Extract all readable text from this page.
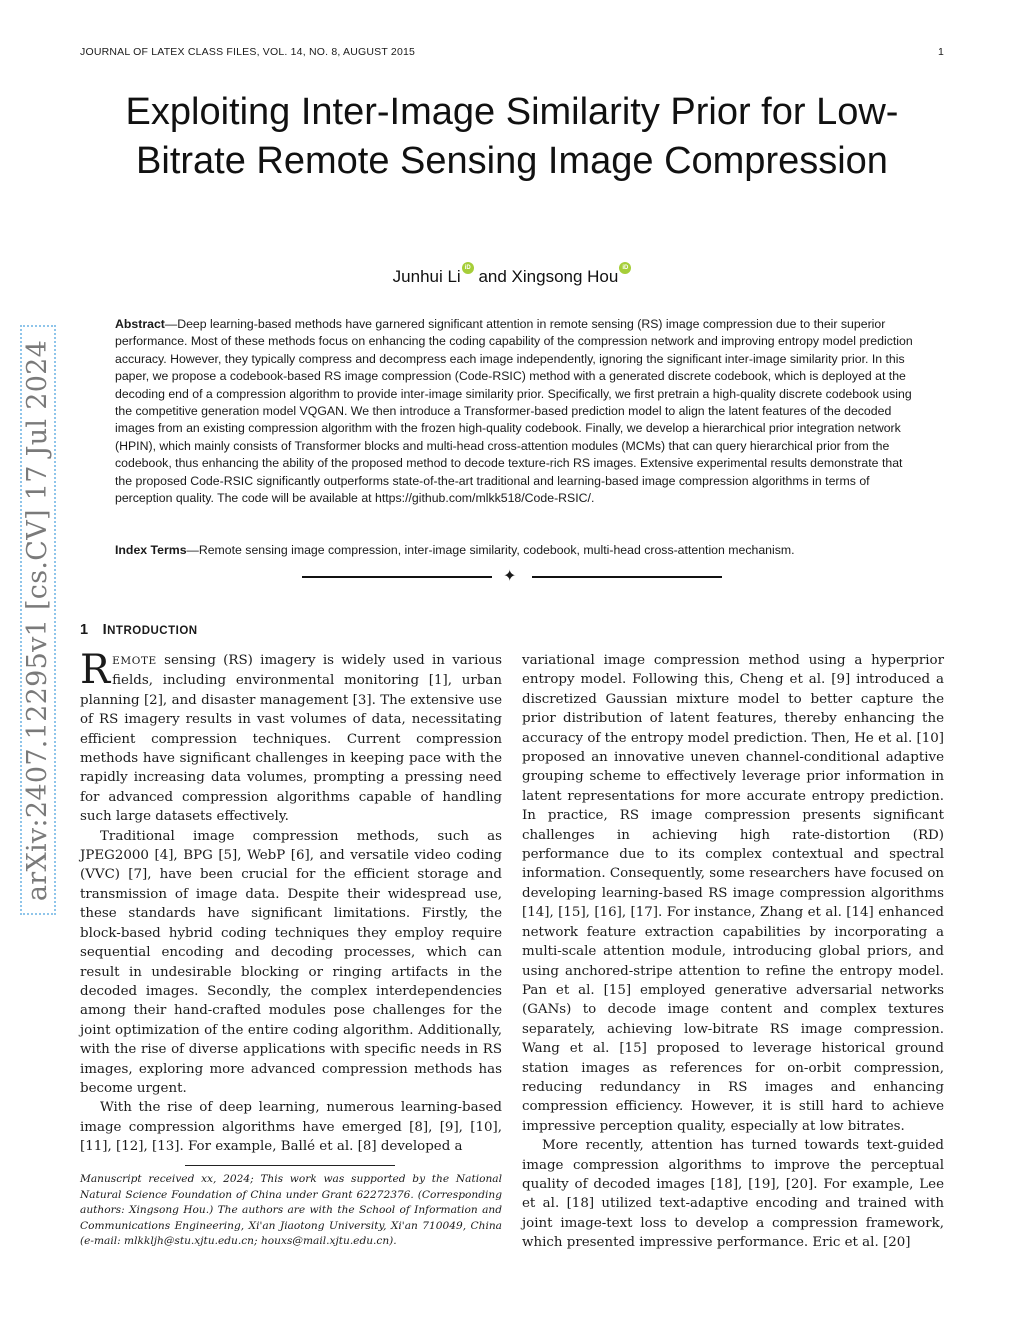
JOURNAL OF LATEX CLASS FILES, VOL. 14, NO. 8, AUGUST 2015	1
arXiv:2407.12295v1 [cs.CV] 17 Jul 2024
Exploiting Inter-Image Similarity Prior for Low-Bitrate Remote Sensing Image Compression
Junhui LiiD and Xingsong HouiD
Abstract—Deep learning-based methods have garnered significant attention in remote sensing (RS) image compression due to their superior performance. Most of these methods focus on enhancing the coding capability of the compression network and improving entropy model prediction accuracy. However, they typically compress and decompress each image independently, ignoring the significant inter-image similarity prior. In this paper, we propose a codebook-based RS image compression (Code-RSIC) method with a generated discrete codebook, which is deployed at the decoding end of a compression algorithm to provide inter-image similarity prior. Specifically, we first pretrain a high-quality discrete codebook using the competitive generation model VQGAN. We then introduce a Transformer-based prediction model to align the latent features of the decoded images from an existing compression algorithm with the frozen high-quality codebook. Finally, we develop a hierarchical prior integration network (HPIN), which mainly consists of Transformer blocks and multi-head cross-attention modules (MCMs) that can query hierarchical prior from the codebook, thus enhancing the ability of the proposed method to decode texture-rich RS images. Extensive experimental results demonstrate that the proposed Code-RSIC significantly outperforms state-of-the-art traditional and learning-based image compression algorithms in terms of perception quality. The code will be available at https://github.com/mlkk518/Code-RSIC/.
Index Terms—Remote sensing image compression, inter-image similarity, codebook, multi-head cross-attention mechanism.
✦
1 INTRODUCTION

REMOTE sensing (RS) imagery is widely used in various fields, including environmental monitoring [1], urban planning [2], and disaster management [3]. The extensive use of RS imagery results in vast volumes of data, necessitating efficient compression techniques. Current compression methods have significant challenges in keeping pace with the rapidly increasing data volumes, prompting a pressing need for advanced compression algorithms capable of handling such large datasets effectively.

Traditional image compression methods, such as JPEG2000 [4], BPG [5], WebP [6], and versatile video coding (VVC) [7], have been crucial for the efficient storage and transmission of image data. Despite their widespread use, these standards have significant limitations. Firstly, the block-based hybrid coding techniques they employ require sequential encoding and decoding processes, which can result in undesirable blocking or ringing artifacts in the decoded images. Secondly, the complex interdependencies among their hand-crafted modules pose challenges for the joint optimization of the entire coding algorithm. Additionally, with the rise of diverse applications with specific needs in RS images, exploring more advanced compression methods has become urgent.

With the rise of deep learning, numerous learning-based image compression algorithms have emerged [8], [9], [10], [11], [12], [13]. For example, Ballé et al. [8] developed a

variational image compression method using a hyperprior entropy model. Following this, Cheng et al. [9] introduced a discretized Gaussian mixture model to better capture the prior distribution of latent features, thereby enhancing the accuracy of the entropy model prediction. Then, He et al. [10] proposed an innovative uneven channel-conditional adaptive grouping scheme to effectively leverage prior information in latent representations for more accurate entropy prediction. In practice, RS image compression presents significant challenges in achieving high rate-distortion (RD) performance due to its complex contextual and spectral information. Consequently, some researchers have focused on developing learning-based RS image compression algorithms [14], [15], [16], [17]. For instance, Zhang et al. [14] enhanced network feature extraction capabilities by incorporating a multi-scale attention module, introducing global priors, and using anchored-stripe attention to refine the entropy model. Pan et al. [15] employed generative adversarial networks (GANs) to decode image content and complex textures separately, achieving low-bitrate RS image compression. Wang et al. [15] proposed to leverage historical ground station images as references for on-orbit compression, reducing redundancy in RS images and enhancing compression efficiency. However, it is still hard to achieve impressive perception quality, especially at low bitrates.

More recently, attention has turned towards text-guided image compression algorithms to improve the perceptual quality of decoded images [18], [19], [20]. For example, Lee et al. [18] utilized text-adaptive encoding and trained with joint image-text loss to develop a compression framework, which presented impressive performance. Eric et al. [20]

Manuscript received xx, 2024; This work was supported by the National Natural Science Foundation of China under Grant 62272376. (Corresponding authors: Xingsong Hou.) The authors are with the School of Information and Communications Engineering, Xi'an Jiaotong University, Xi'an 710049, China (e-mail: mlkkljh@stu.xjtu.edu.cn; houxs@mail.xjtu.edu.cn).
